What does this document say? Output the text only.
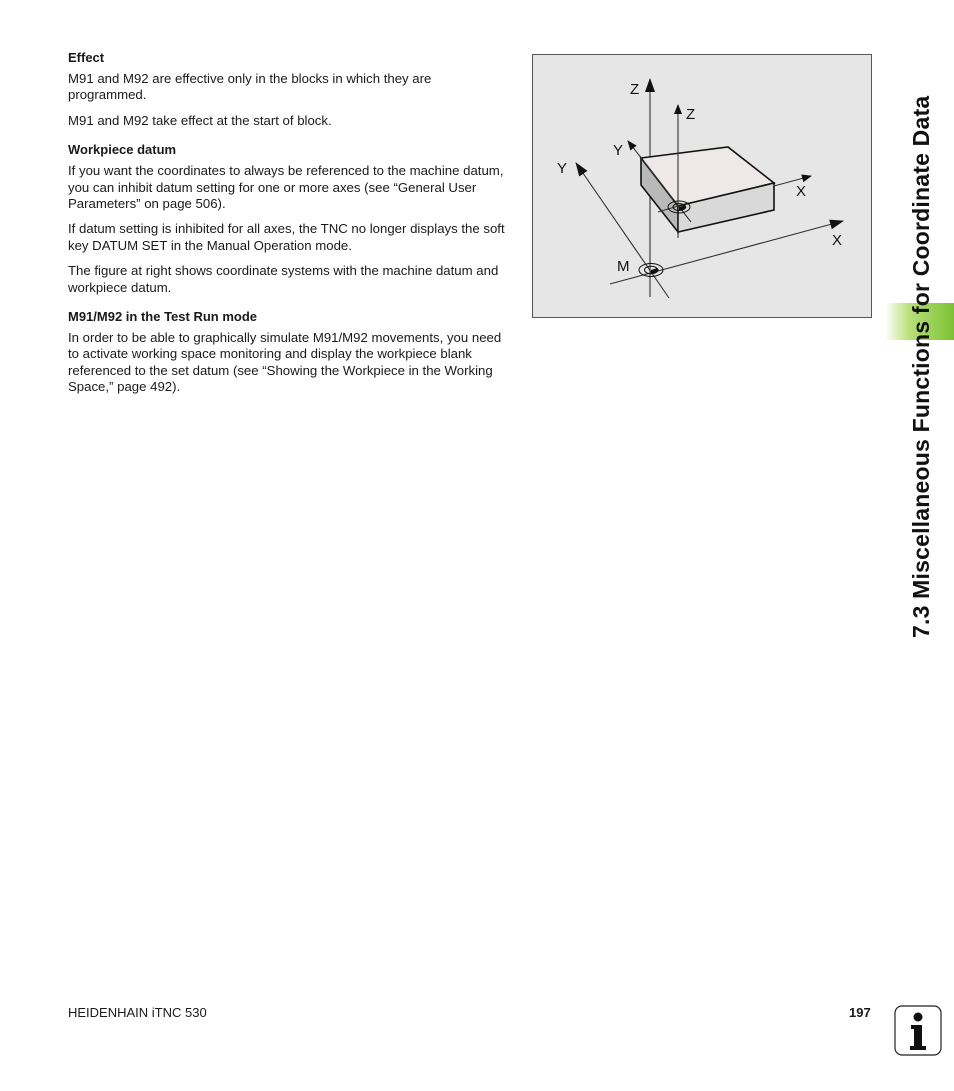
Effect

M91 and M92 are effective only in the blocks in which they are programmed.

M91 and M92 take effect at the start of block.

Workpiece datum

If you want the coordinates to always be referenced to the machine datum, you can inhibit datum setting for one or more axes (see “General User Parameters” on page 506).

If datum setting is inhibited for all axes, the TNC no longer displays the soft key DATUM SET in the Manual Operation mode.

The figure at right shows coordinate systems with the machine datum and workpiece datum.

M91/M92 in the Test Run mode

In order to be able to graphically simulate M91/M92 movements, you need to activate working space monitoring and display the workpiece blank referenced to the set datum (see “Showing the Workpiece in the Working Space,” page 492).

Z
Z
Y
Y
X
X
M	7.3 Miscellaneous Functions for Coordinate Data
HEIDENHAIN iTNC 530	197
